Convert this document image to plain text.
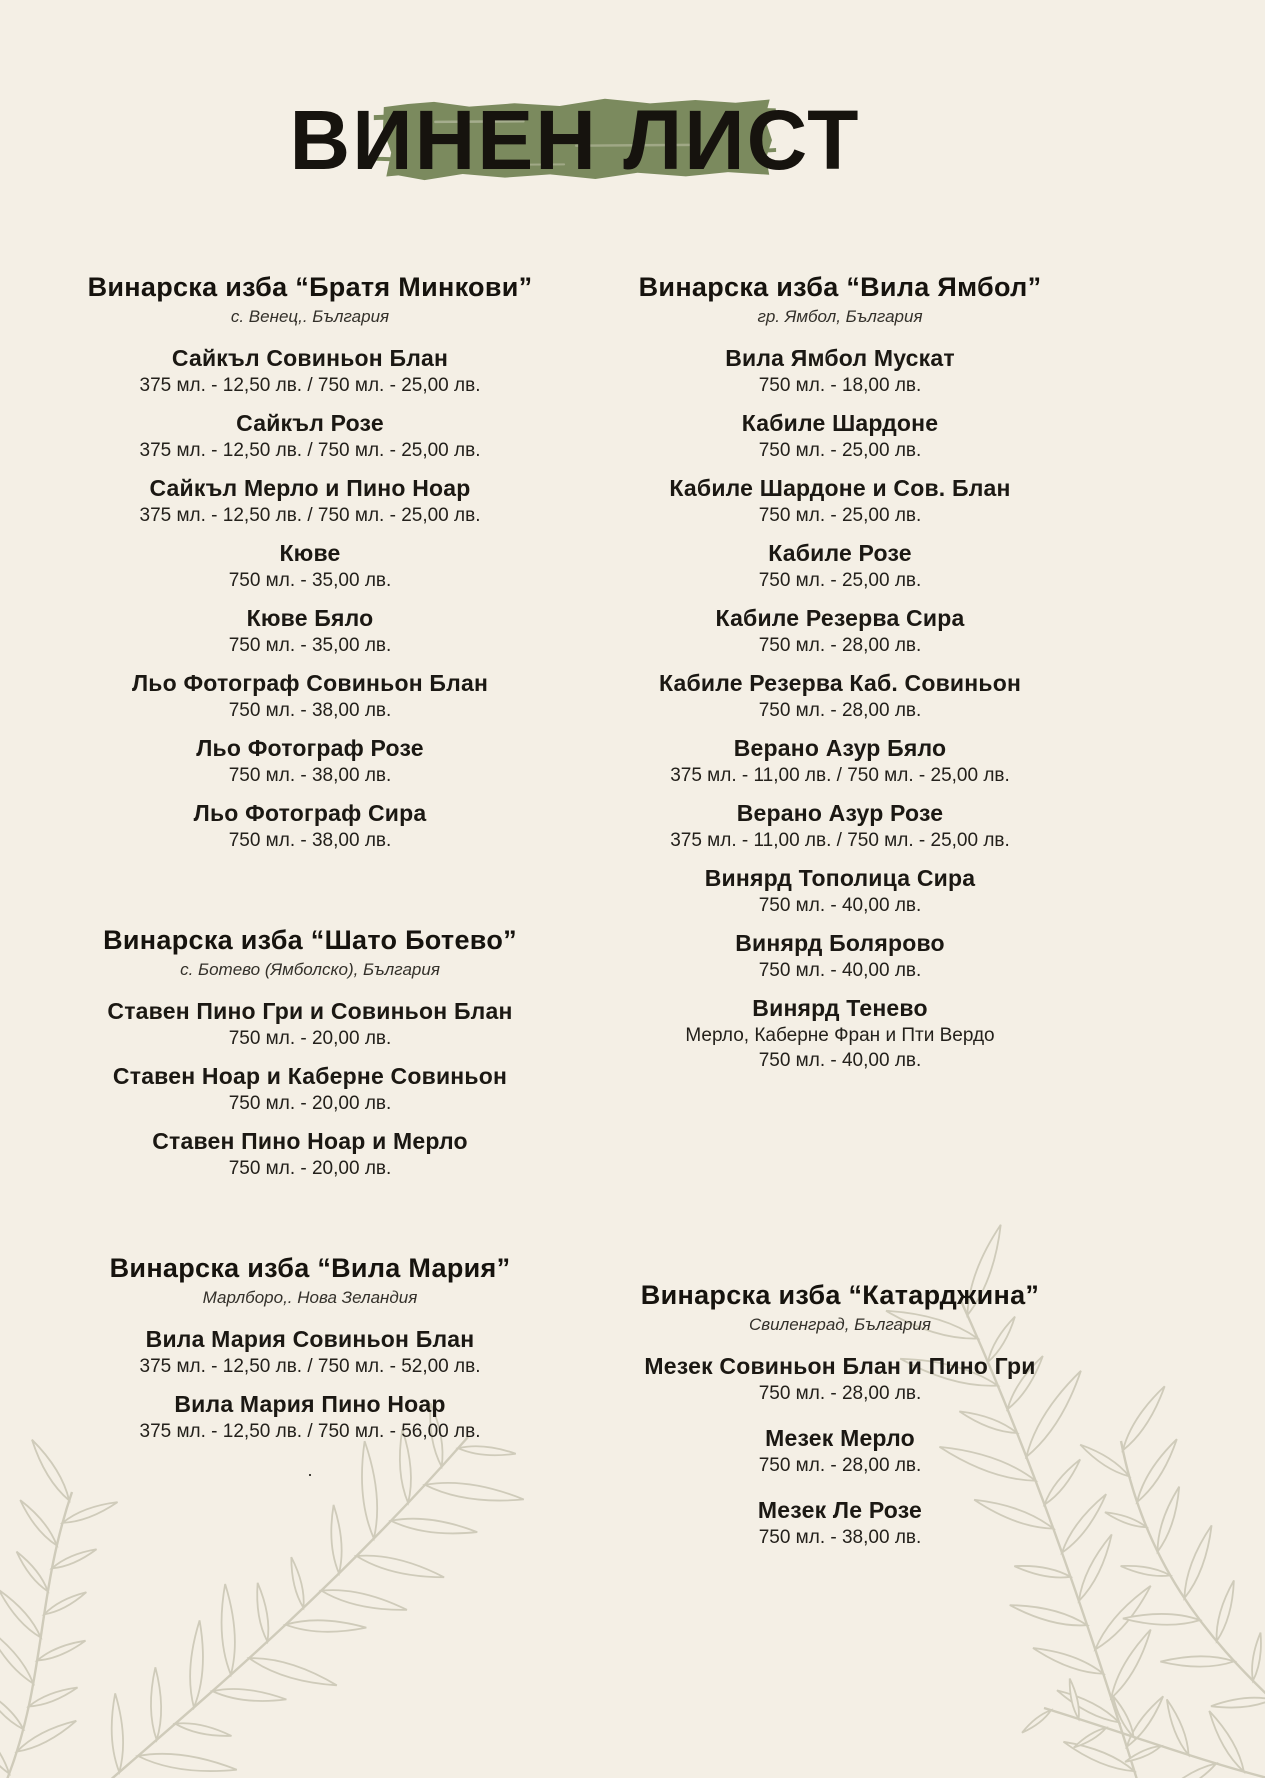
ВИНЕН ЛИСТ
Винарска изба “Братя Минкови”
с. Венец,. България
Сайкъл Совиньон Блан
375 мл. - 12,50 лв. / 750 мл. - 25,00 лв.
Сайкъл Розе
375 мл. - 12,50 лв. / 750 мл. - 25,00 лв.
Сайкъл Мерло и Пино Ноар
375 мл. - 12,50 лв. / 750 мл. - 25,00 лв.
Кюве
750 мл. - 35,00 лв.
Кюве Бяло
750 мл. - 35,00 лв.
Льо Фотограф Совиньон Блан
750 мл. - 38,00 лв.
Льо Фотограф Розе
750 мл. - 38,00 лв.
Льо Фотограф Сира
750 мл. - 38,00 лв.
Винарска изба “Шато Ботево”
с. Ботево (Ямболско), България
Ставен Пино Гри и Совиньон Блан
750 мл. - 20,00 лв.
Ставен Ноар и Каберне Совиньон
750 мл. - 20,00 лв.
Ставен Пино Ноар и Мерло
750 мл. - 20,00 лв.
Винарска изба “Вила Мария”
Марлборо,. Нова Зеландия
Вила Мария Совиньон Блан
375 мл. - 12,50 лв. / 750 мл. - 52,00 лв.
Вила Мария Пино Ноар
375 мл. - 12,50 лв. / 750 мл. - 56,00 лв.
.
Винарска изба “Вила Ямбол”
гр. Ямбол, България
Вила Ямбол Мускат
750 мл. - 18,00 лв.
Кабиле Шардоне
750 мл. - 25,00 лв.
Кабиле Шардоне и Сов. Блан
750 мл. - 25,00 лв.
Кабиле Розе
750 мл. - 25,00 лв.
Кабиле Резерва Сира
750 мл. - 28,00 лв.
Кабиле Резерва Каб. Совиньон
750 мл. - 28,00 лв.
Верано Азур Бяло
375 мл. - 11,00 лв. / 750 мл. - 25,00 лв.
Верано Азур Розе
375 мл. - 11,00 лв. / 750 мл. - 25,00 лв.
Винярд Тополица Сира
750 мл. - 40,00 лв.
Винярд Болярово
750 мл. - 40,00 лв.
Винярд Тенево
Мерло, Каберне Фран и Пти Вердо
750 мл. - 40,00 лв.
Винарска изба “Катарджина”
Свиленград, България
Мезек Совиньон Блан и Пино Гри
750 мл. - 28,00 лв.
Мезек Мерло
750 мл. - 28,00 лв.
Мезек Ле Розе
750 мл. - 38,00 лв.
